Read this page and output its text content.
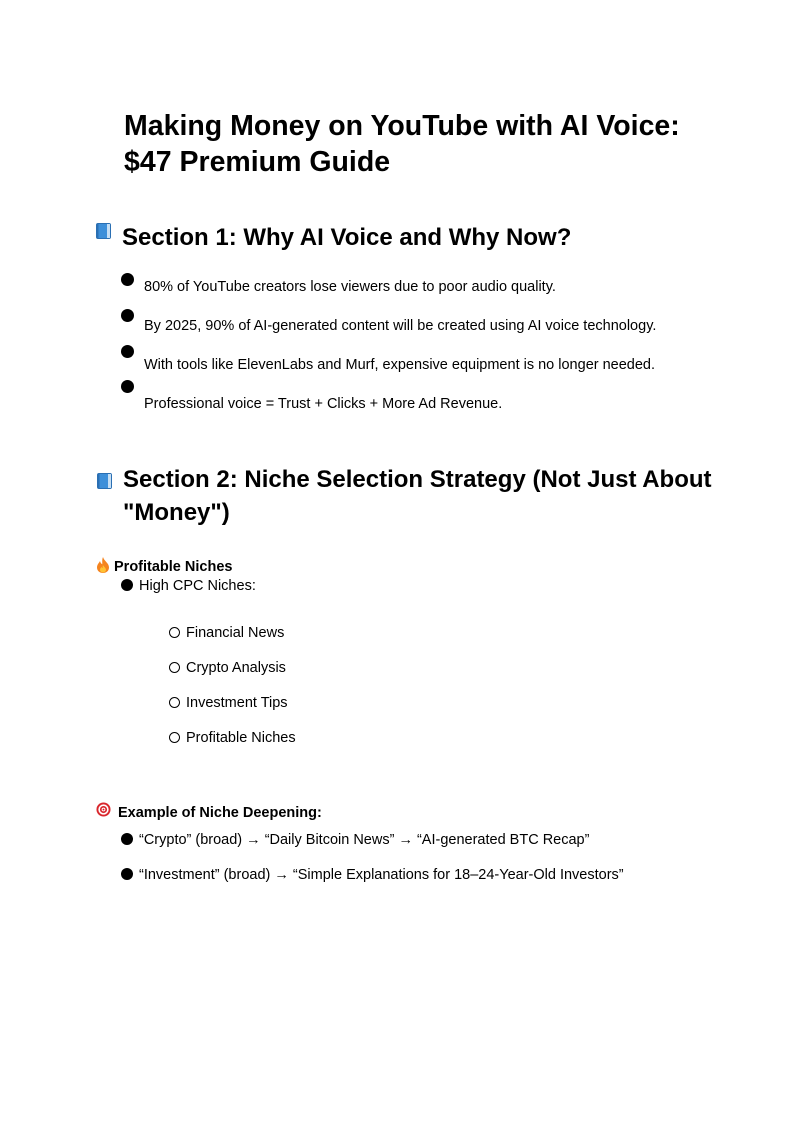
Making Money on YouTube with AI Voice: $47 Premium Guide
Section 1: Why AI Voice and Why Now?
80% of YouTube creators lose viewers due to poor audio quality.
By 2025, 90% of AI-generated content will be created using AI voice technology.
With tools like ElevenLabs and Murf, expensive equipment is no longer needed.
Professional voice = Trust + Clicks + More Ad Revenue.
Section 2: Niche Selection Strategy (Not Just About "Money")
Profitable Niches
High CPC Niches:
Financial News
Crypto Analysis
Investment Tips
Profitable Niches
Example of Niche Deepening:
“Crypto” (broad) → “Daily Bitcoin News” → “AI-generated BTC Recap”
“Investment” (broad) → “Simple Explanations for 18–24-Year-Old Investors”
